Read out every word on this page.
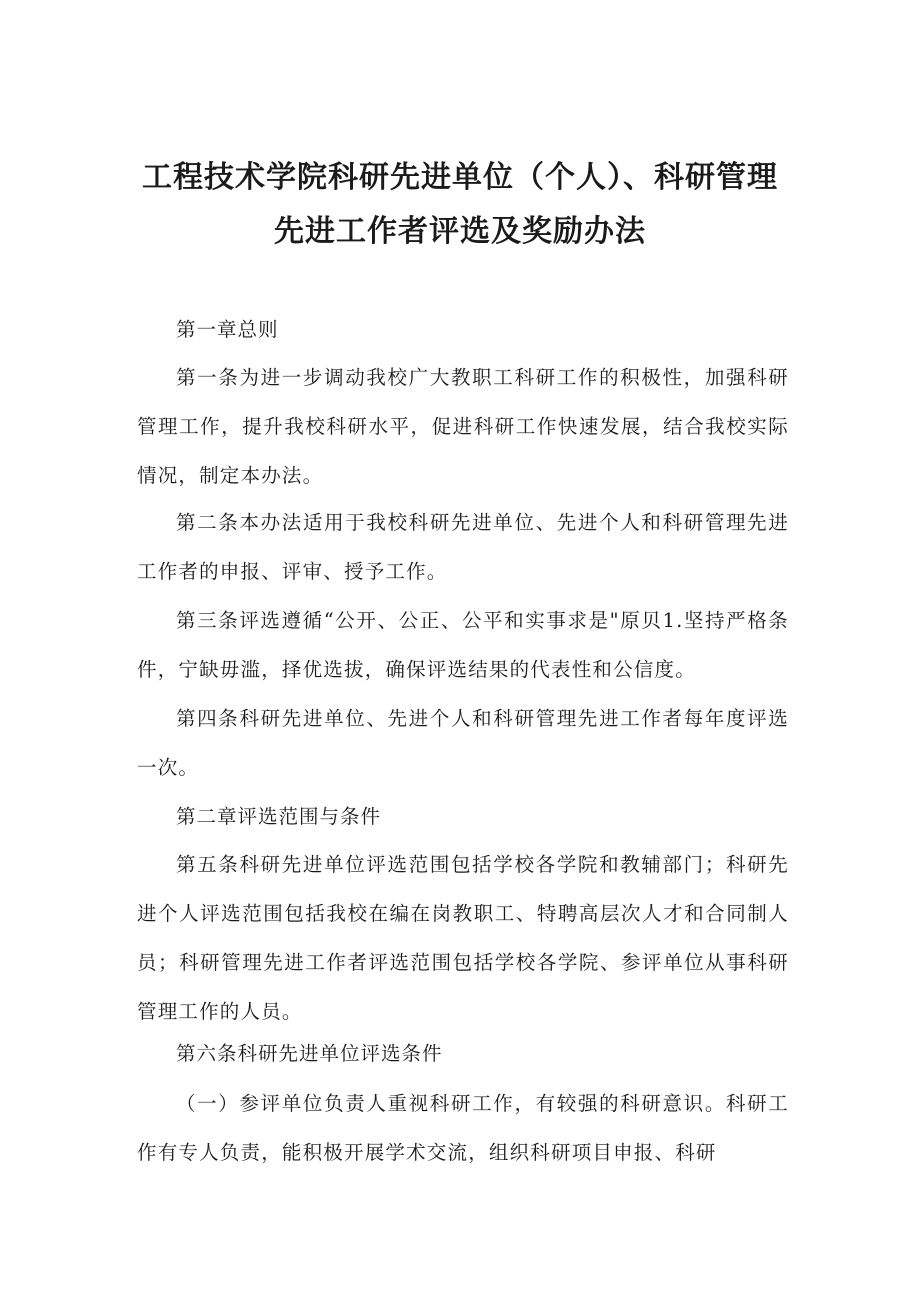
工程技术学院科研先进单位（个人）、科研管理
先进工作者评选及奖励办法
第一章总则
第一条为进一步调动我校广大教职工科研工作的积极性，加强科研管理工作，提升我校科研水平，促进科研工作快速发展，结合我校实际情况，制定本办法。
第二条本办法适用于我校科研先进单位、先进个人和科研管理先进工作者的申报、评审、授予工作。
第三条评选遵循“公开、公正、公平和实事求是"原贝1.坚持严格条件，宁缺毋滥，择优选拔，确保评选结果的代表性和公信度。
第四条科研先进单位、先进个人和科研管理先进工作者每年度评选一次。
第二章评选范围与条件
第五条科研先进单位评选范围包括学校各学院和教辅部门；科研先进个人评选范围包括我校在编在岗教职工、特聘高层次人才和合同制人员；科研管理先进工作者评选范围包括学校各学院、参评单位从事科研管理工作的人员。
第六条科研先进单位评选条件
（一）参评单位负责人重视科研工作，有较强的科研意识。科研工作有专人负责，能积极开展学术交流，组织科研项目申报、科研
